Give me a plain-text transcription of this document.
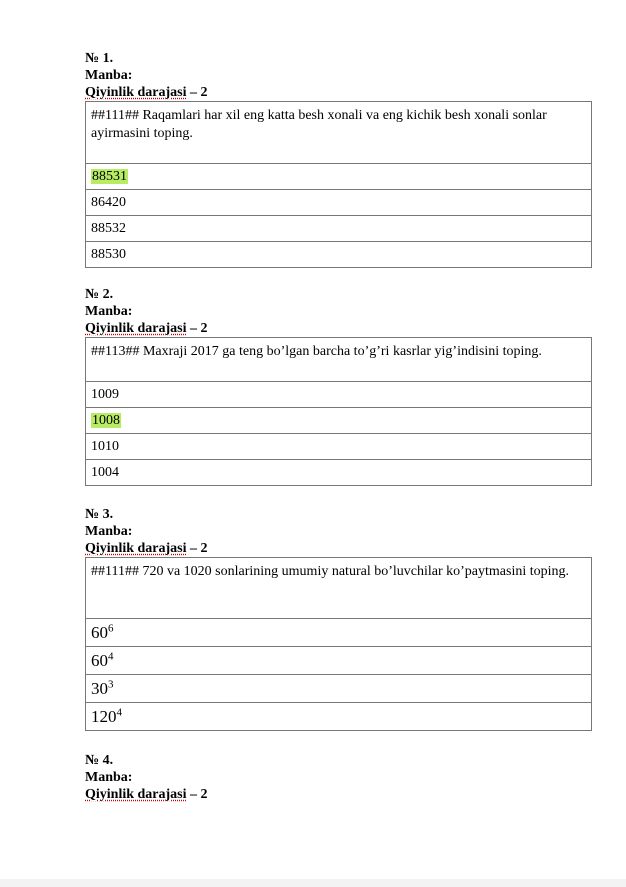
№ 1.
Manba:
Qiyinlik darajasi – 2
##111## Raqamlari har xil eng katta besh xonali va eng kichik besh xonali sonlar ayirmasini toping.
88531
86420
88532
88530
№ 2.
Manba:
Qiyinlik darajasi – 2
##113## Maxraji 2017 ga teng bo’lgan barcha to’g’ri kasrlar yig’indisini toping.
1009
1008
1010
1004
№ 3.
Manba:
Qiyinlik darajasi – 2
##111## 720 va 1020 sonlarining umumiy natural bo’luvchilar ko’paytmasini toping.
$60^6$
$60^4$
$30^3$
$120^4$
№ 4.
Manba:
Qiyinlik darajasi – 2
